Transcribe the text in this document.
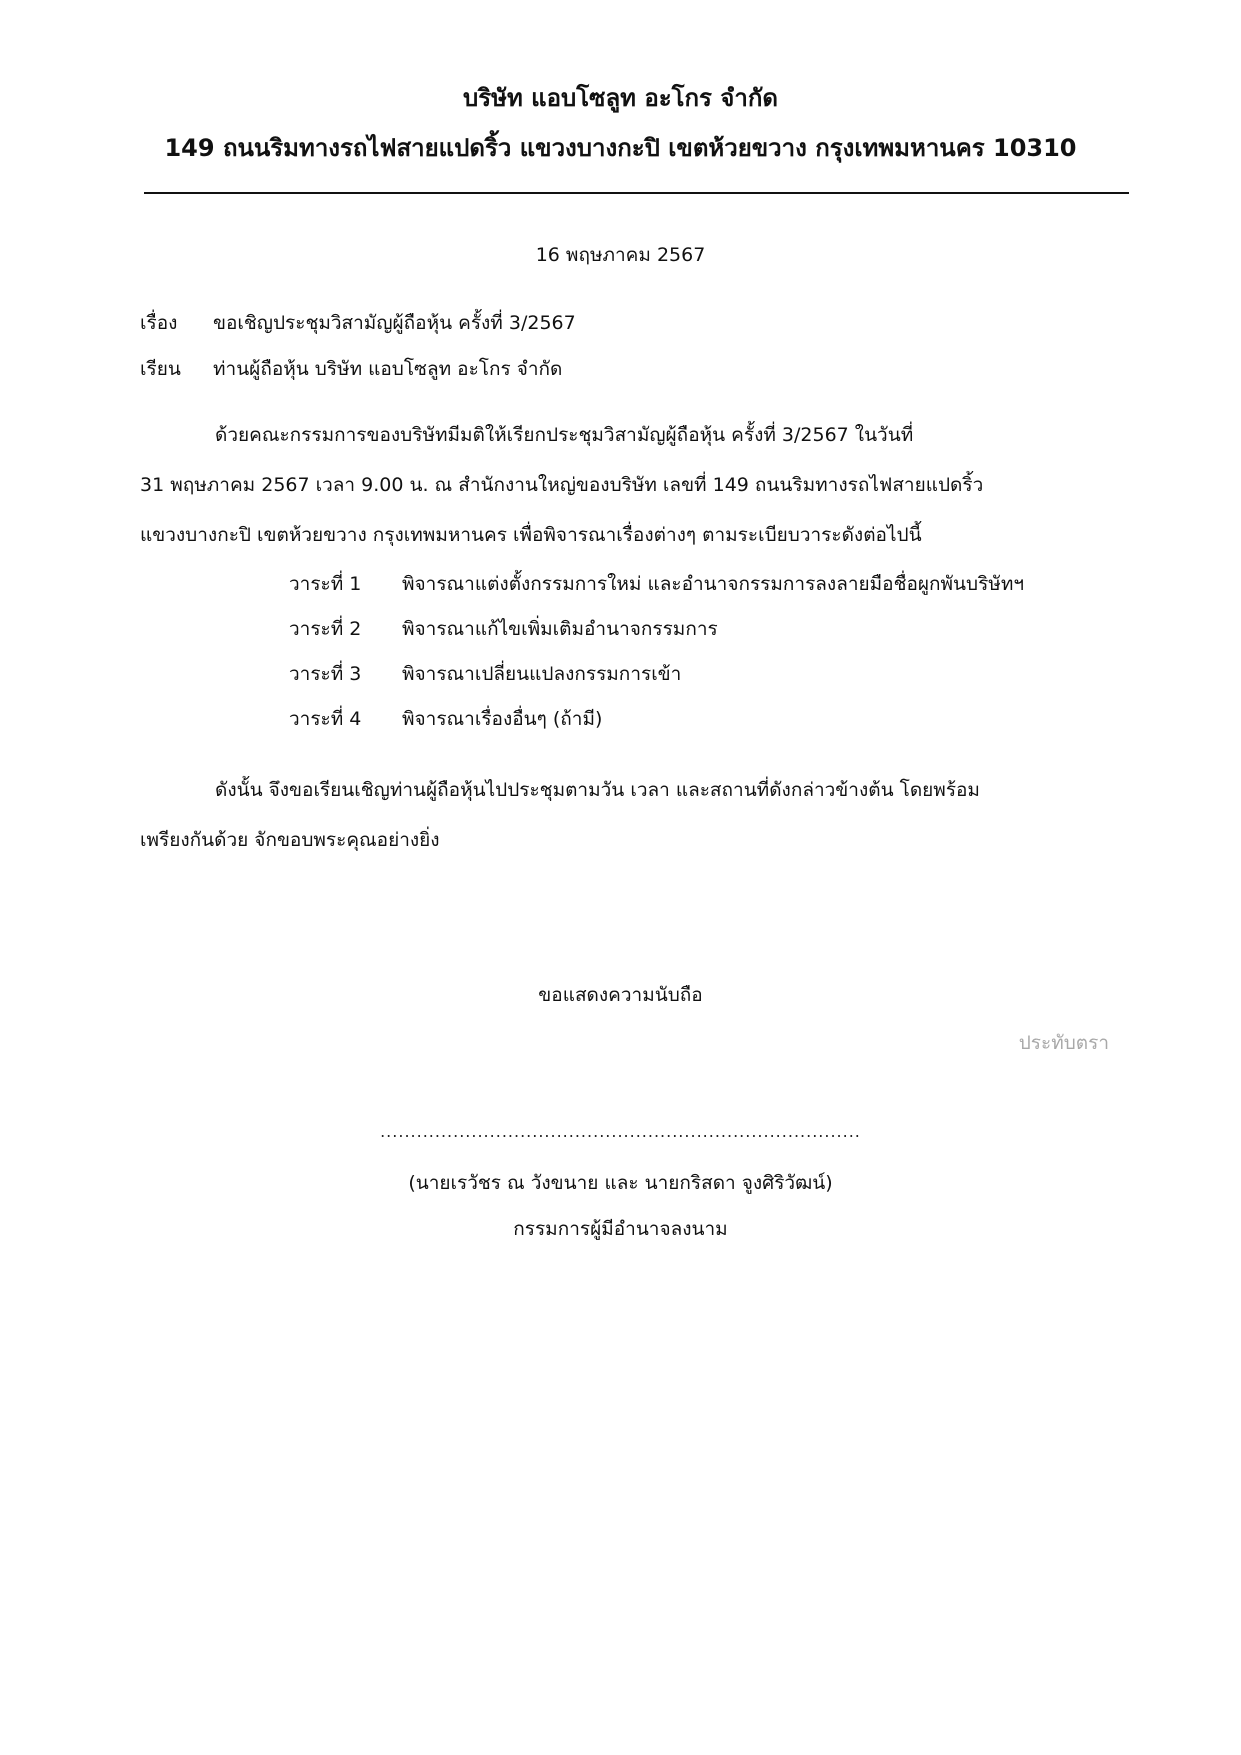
บริษัท แอบโซลูท อะโกร จำกัด
149 ถนนริมทางรถไฟสายแปดริ้ว แขวงบางกะปิ เขตห้วยขวาง กรุงเทพมหานคร 10310
16 พฤษภาคม 2567
เรื่อง ขอเชิญประชุมวิสามัญผู้ถือหุ้น ครั้งที่ 3/2567
เรียน ท่านผู้ถือหุ้น บริษัท แอบโซลูท อะโกร จำกัด
ด้วยคณะกรรมการของบริษัทมีมติให้เรียกประชุมวิสามัญผู้ถือหุ้น ครั้งที่ 3/2567 ในวันที่
31 พฤษภาคม 2567 เวลา 9.00 น. ณ สำนักงานใหญ่ของบริษัท เลขที่ 149 ถนนริมทางรถไฟสายแปดริ้ว
แขวงบางกะปิ เขตห้วยขวาง กรุงเทพมหานคร เพื่อพิจารณาเรื่องต่างๆ ตามระเบียบวาระดังต่อไปนี้
วาระที่ 1 พิจารณาแต่งตั้งกรรมการใหม่ และอำนาจกรรมการลงลายมือชื่อผูกพันบริษัทฯ
วาระที่ 2 พิจารณาแก้ไขเพิ่มเติมอำนาจกรรมการ
วาระที่ 3 พิจารณาเปลี่ยนแปลงกรรมการเข้า
วาระที่ 4 พิจารณาเรื่องอื่นๆ (ถ้ามี)
ดังนั้น จึงขอเรียนเชิญท่านผู้ถือหุ้นไปประชุมตามวัน เวลา และสถานที่ดังกล่าวข้างต้น โดยพร้อม
เพรียงกันด้วย จักขอบพระคุณอย่างยิ่ง
ขอแสดงความนับถือ
ประทับตรา
...............................................................................
(นายเรวัชร ณ วังขนาย และ นายกริสดา จูงศิริวัฒน์)
กรรมการผู้มีอำนาจลงนาม
